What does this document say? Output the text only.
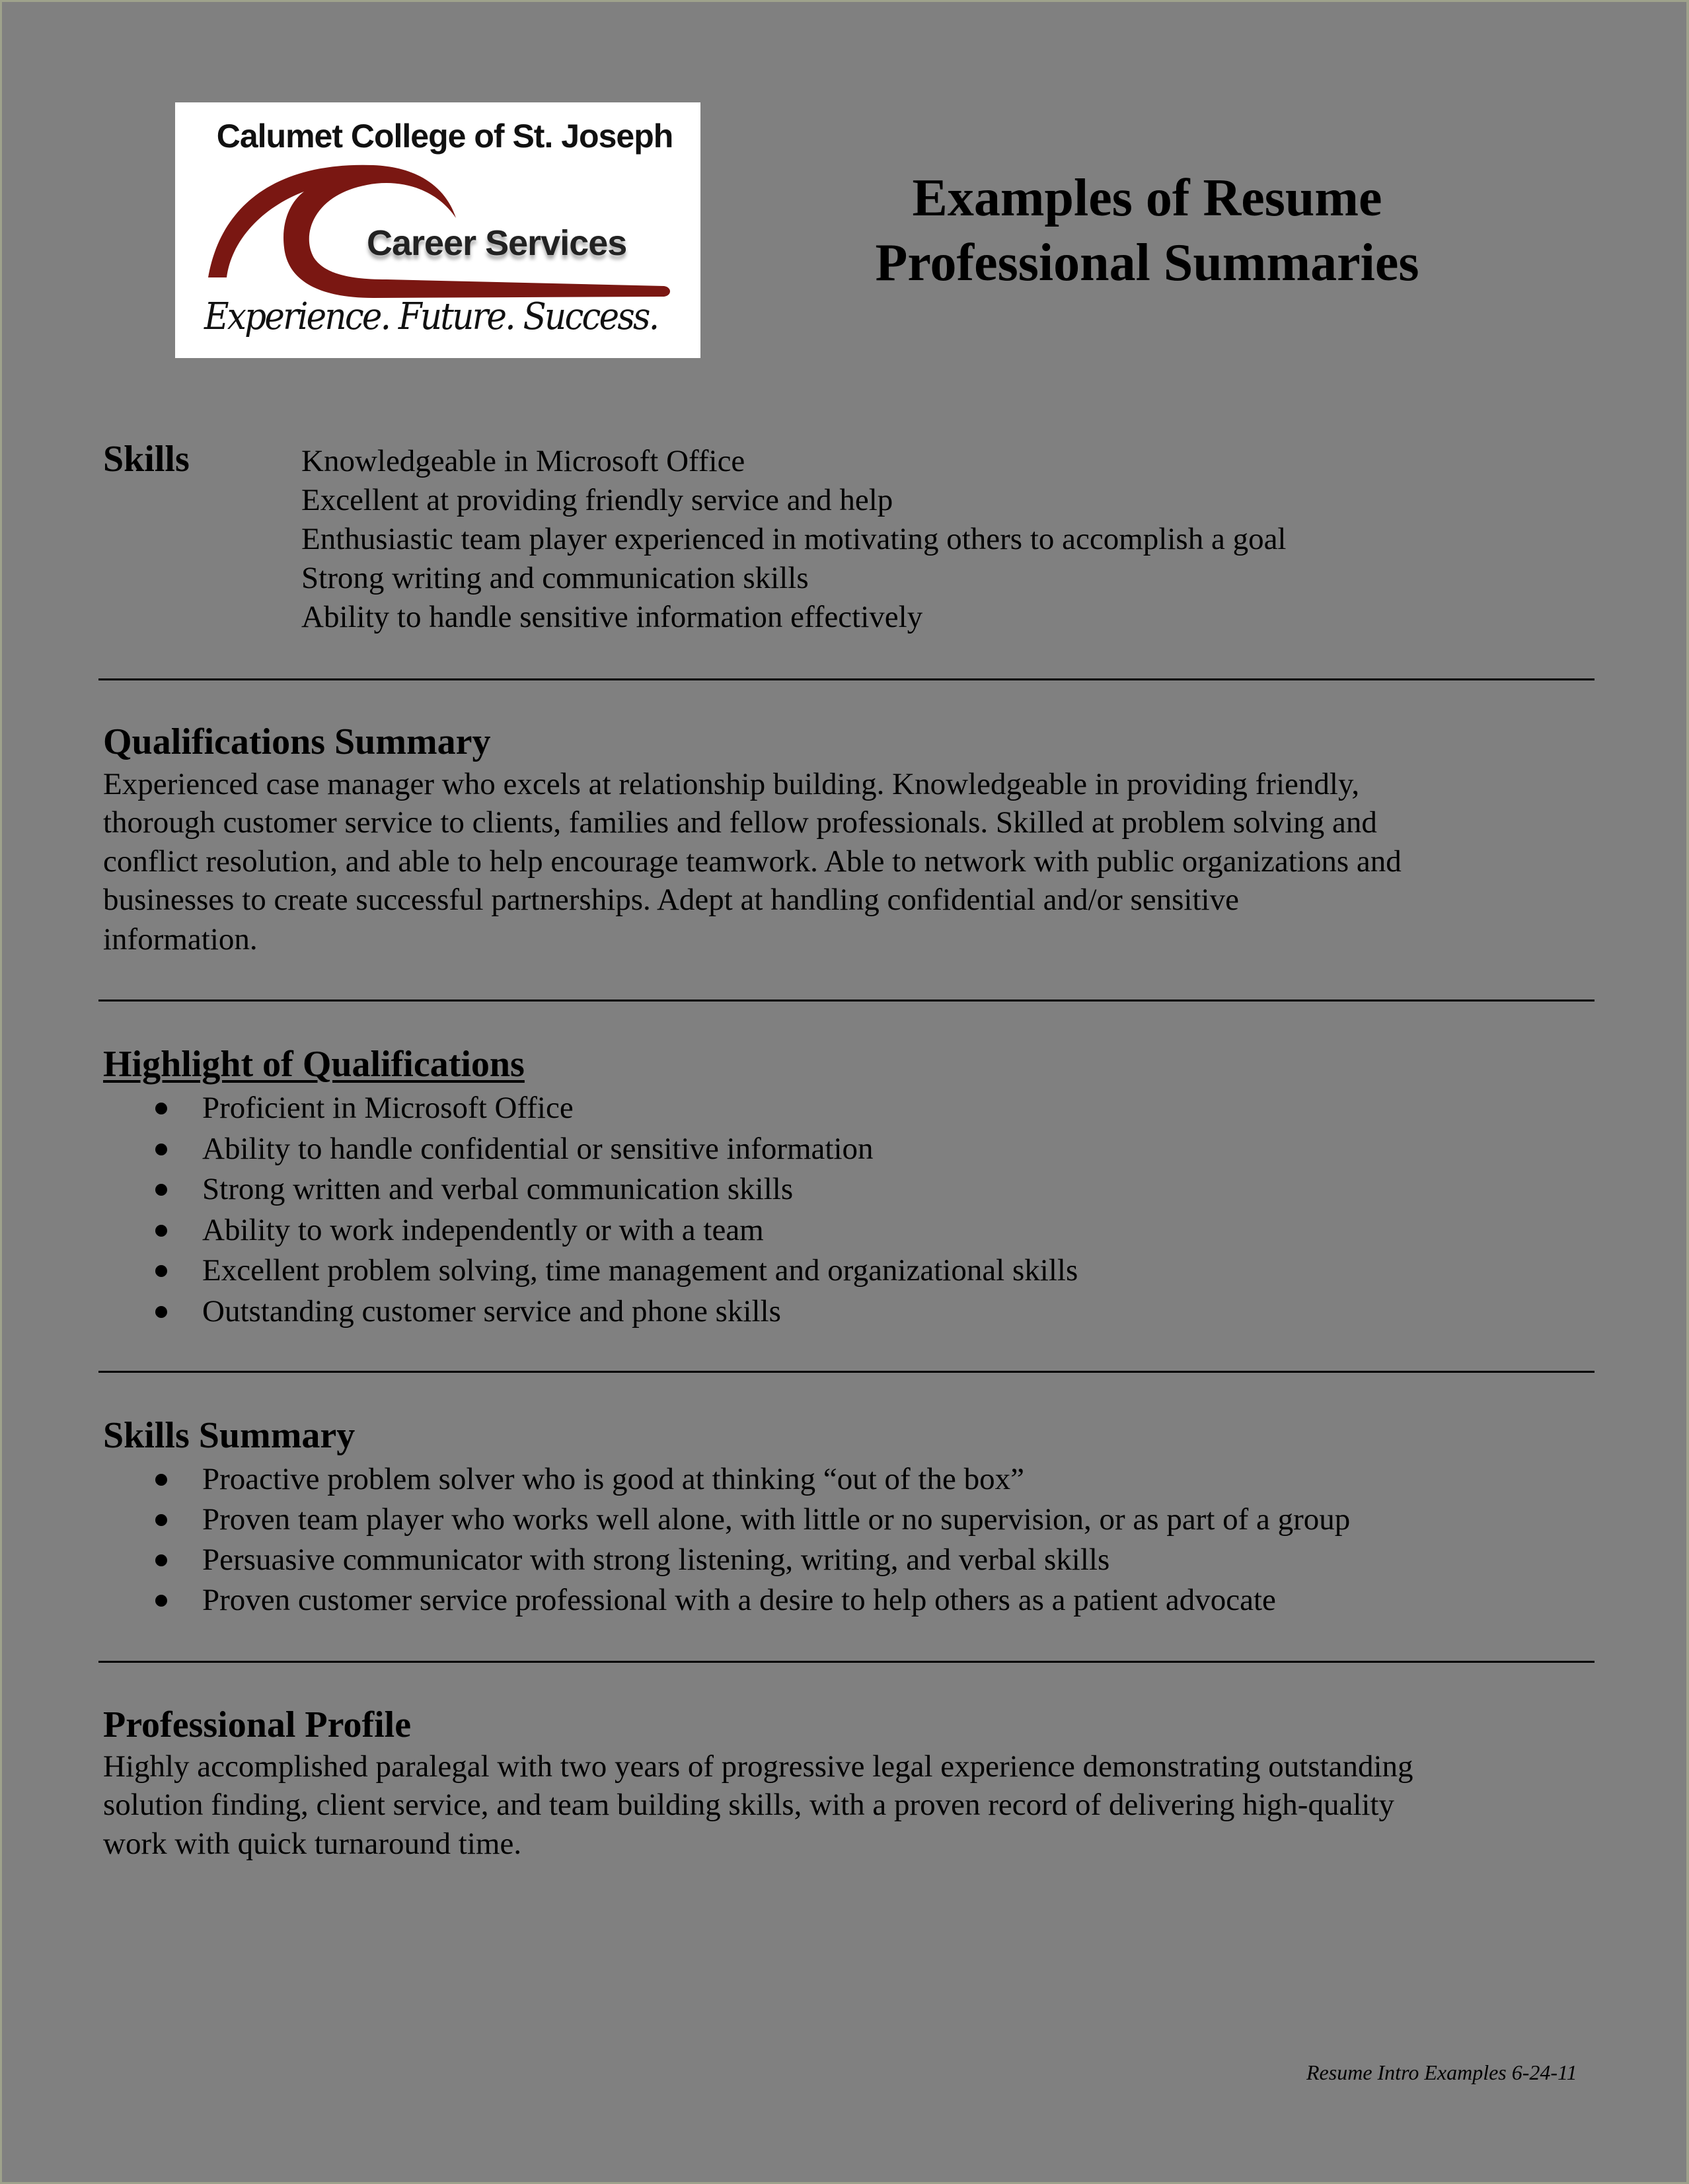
Calumet College of St. Joseph
Career Services
Experience. Future. Success.
Examples of Resume
Professional Summaries
Skills	Knowledgeable in Microsoft Office
Excellent at providing friendly service and help
Enthusiastic team player experienced in motivating others to accomplish a goal
Strong writing and communication skills
Ability to handle sensitive information effectively
Qualifications Summary
Experienced case manager who excels at relationship building. Knowledgeable in providing friendly,
thorough customer service to clients, families and fellow professionals. Skilled at problem solving and
conflict resolution, and able to help encourage teamwork. Able to network with public organizations and
businesses to create successful partnerships. Adept at handling confidential and/or sensitive
information.
Highlight of Qualifications
Proficient in Microsoft Office
Ability to handle confidential or sensitive information
Strong written and verbal communication skills
Ability to work independently or with a team
Excellent problem solving, time management and organizational skills
Outstanding customer service and phone skills
Skills Summary
Proactive problem solver who is good at thinking “out of the box”
Proven team player who works well alone, with little or no supervision, or as part of a group
Persuasive communicator with strong listening, writing, and verbal skills
Proven customer service professional with a desire to help others as a patient advocate
Professional Profile
Highly accomplished paralegal with two years of progressive legal experience demonstrating outstanding
solution finding, client service, and team building skills, with a proven record of delivering high-quality
work with quick turnaround time.
Resume Intro Examples 6-24-11
